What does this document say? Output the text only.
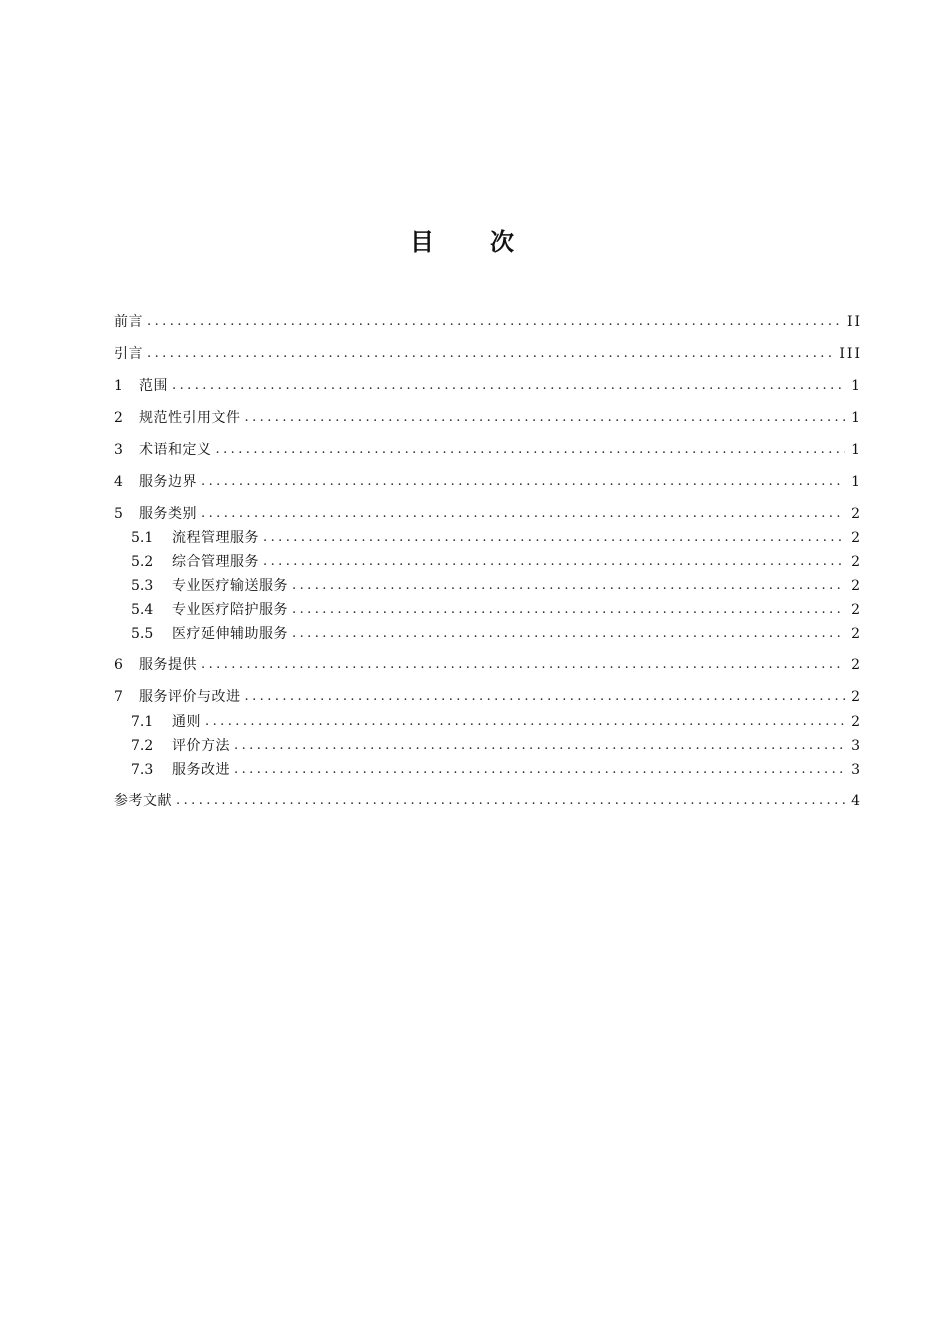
目次
前言 . . .	II
引言 . . .	III
1	范围 . . .	1
2	规范性引用文件 . . .	1
3	术语和定义 . . .	1
4	服务边界 . . .	1
5	服务类别 . . .	2
5.1	流程管理服务 . . .	2
5.2	综合管理服务 . . .	2
5.3	专业医疗输送服务 . . .	2
5.4	专业医疗陪护服务 . . .	2
5.5	医疗延伸辅助服务 . . .	2
6	服务提供 . . .	2
7	服务评价与改进 . . .	2
7.1	通则 . . .	2
7.2	评价方法 . . .	3
7.3	服务改进 . . .	3
参考文献 . . .	4
